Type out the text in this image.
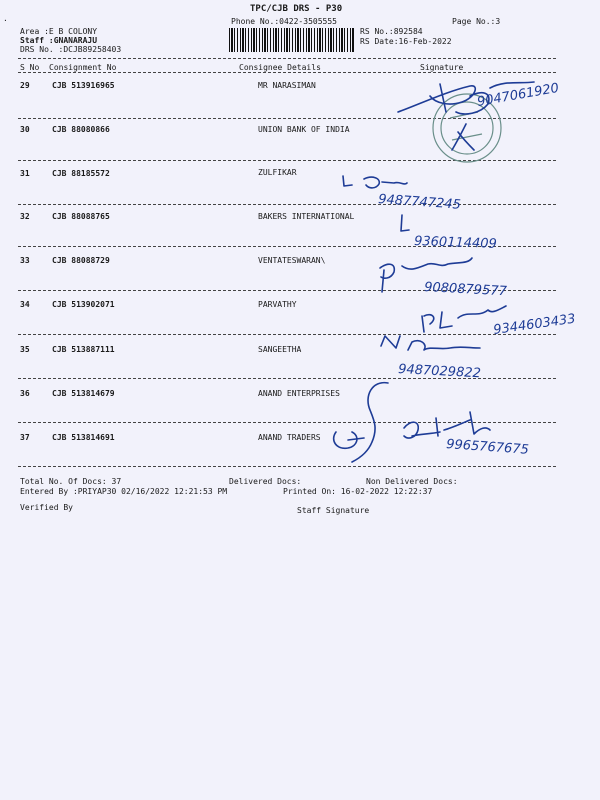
.
TPC/CJB DRS - P30
Phone No.:0422-3505555	Page No.:3
Area :E B COLONY
Staff :GNANARAJU
DRS No. :DCJB89258403
RS No.:892584
RS Date:16-Feb-2022
S No Consignment No	Consignee Details	Signature
29	CJB 513916965	MR NARASIMAN
30	CJB 88080866	UNION BANK OF INDIA
31	CJB 88185572	ZULFIKAR
32	CJB 88088765	BAKERS INTERNATIONAL
33	CJB 88088729	VENTATESWARAN\
34	CJB 513902071	PARVATHY
35	CJB 513887111	SANGEETHA
36	CJB 513814679	ANAND ENTERPRISES
37	CJB 513814691	ANAND TRADERS
Total No. Of Docs: 37	Delivered Docs:	Non Delivered Docs:
Entered By :PRIYAP30 02/16/2022 12:21:53 PM	Printed On: 16-02-2022 12:22:37
Verified By	Staff Signature
9047061920
9487747245
9360114409
9080879577
9344603433
9487029822
9965767675
